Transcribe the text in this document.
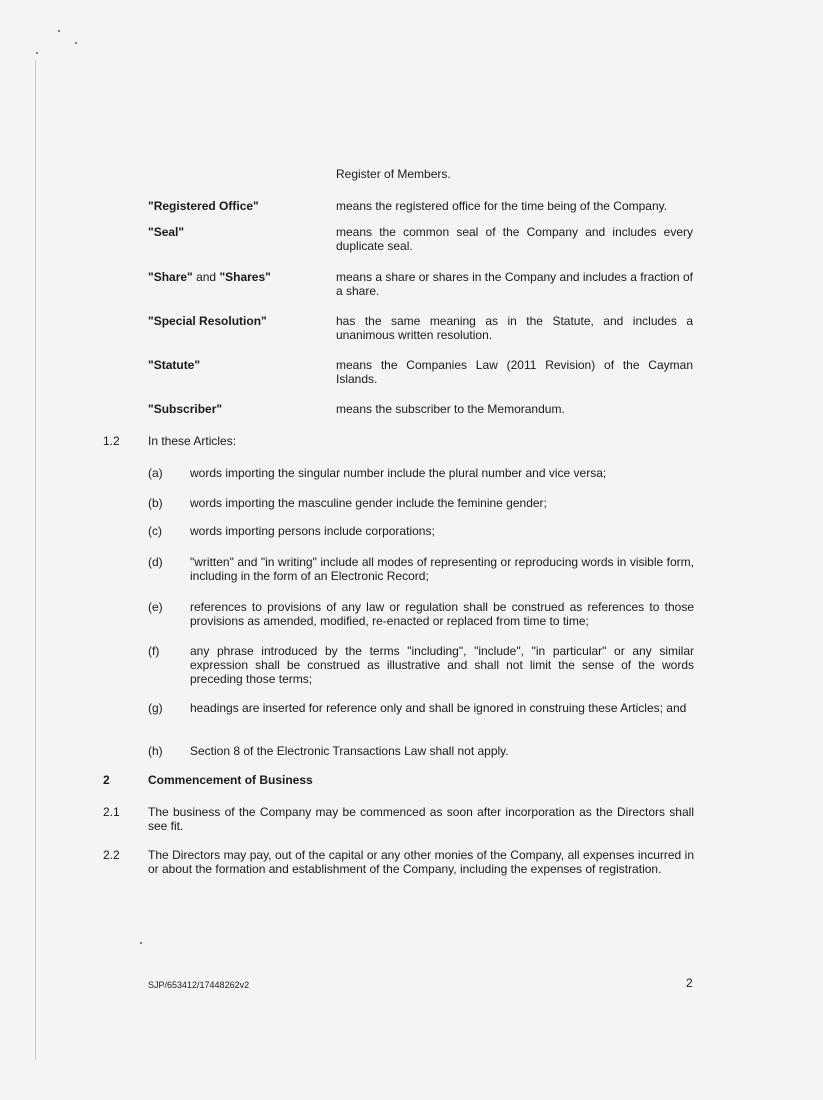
Register of Members.
"Registered Office"	means the registered office for the time being of the Company.
"Seal"	means the common seal of the Company and includes every duplicate seal.
"Share" and "Shares"	means a share or shares in the Company and includes a fraction of a share.
"Special Resolution"	has the same meaning as in the Statute, and includes a unanimous written resolution.
"Statute"	means the Companies Law (2011 Revision) of the Cayman Islands.
"Subscriber"	means the subscriber to the Memorandum.
1.2 In these Articles:
(a) words importing the singular number include the plural number and vice versa;
(b) words importing the masculine gender include the feminine gender;
(c) words importing persons include corporations;
(d) "written" and "in writing" include all modes of representing or reproducing words in visible form, including in the form of an Electronic Record;
(e) references to provisions of any law or regulation shall be construed as references to those provisions as amended, modified, re-enacted or replaced from time to time;
(f)	any phrase introduced by the terms "including", "include", "in particular" or any similar expression shall be construed as illustrative and shall not limit the sense of the words preceding those terms;
(g) headings are inserted for reference only and shall be ignored in construing these Articles; and
(h) Section 8 of the Electronic Transactions Law shall not apply.
2	Commencement of Business
2.1 The business of the Company may be commenced as soon after incorporation as the Directors shall see fit.
2.2 The Directors may pay, out of the capital or any other monies of the Company, all expenses incurred in or about the formation and establishment of the Company, including the expenses of registration.
SJP/653412/17448262v2	2
